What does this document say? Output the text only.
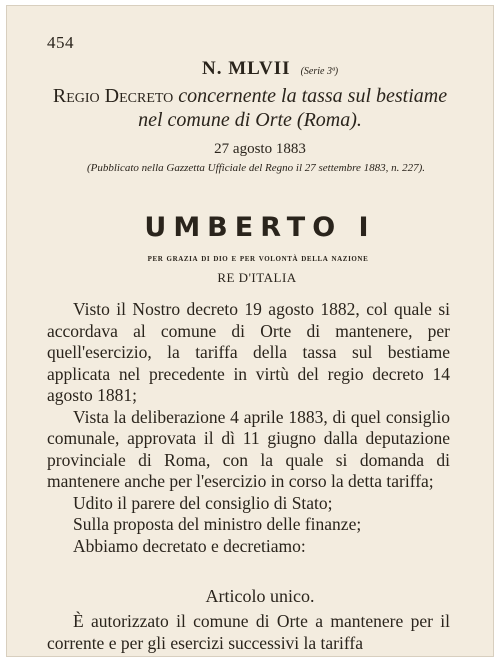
454
N. MLVII (Serie 3ª)
Regio Decreto concernente la tassa sul bestiame nel comune di Orte (Roma).
27 agosto 1883
(Pubblicato nella Gazzetta Ufficiale del Regno il 27 settembre 1883, n. 227).
UMBERTO I
per grazia di dio e per volontà della nazione
RE D'ITALIA

Visto il Nostro decreto 19 agosto 1882, col quale si accordava al comune di Orte di mantenere, per quell'esercizio, la tariffa della tassa sul bestiame applicata nel precedente in virtù del regio decreto 14 agosto 1881;

Vista la deliberazione 4 aprile 1883, di quel consiglio comunale, approvata il dì 11 giugno dalla deputazione provinciale di Roma, con la quale si domanda di mantenere anche per l'esercizio in corso la detta tariffa;

Udito il parere del consiglio di Stato;

Sulla proposta del ministro delle finanze;

Abbiamo decretato e decretiamo:

Articolo unico.

È autorizzato il comune di Orte a mantenere per il corrente e per gli esercizi successivi la tariffa
